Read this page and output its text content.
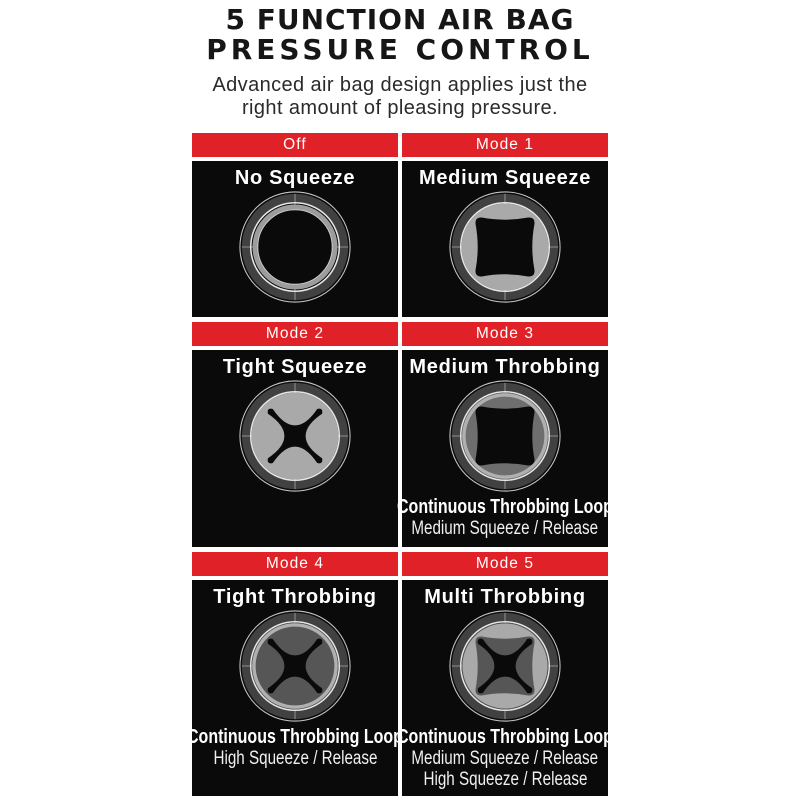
5 FUNCTION AIR BAG
PRESSURE CONTROL
Advanced air bag design applies just the
right amount of pleasing pressure.
Off
No Squeeze
Mode 1
Medium Squeeze
Mode 2
Tight Squeeze
Mode 3
Medium Throbbing
Continuous Throbbing Loop
Medium Squeeze / Release
Mode 4
Tight Throbbing
Continuous Throbbing Loop
High Squeeze / Release
Mode 5
Multi Throbbing
Continuous Throbbing Loop
Medium Squeeze / Release
High Squeeze / Release
